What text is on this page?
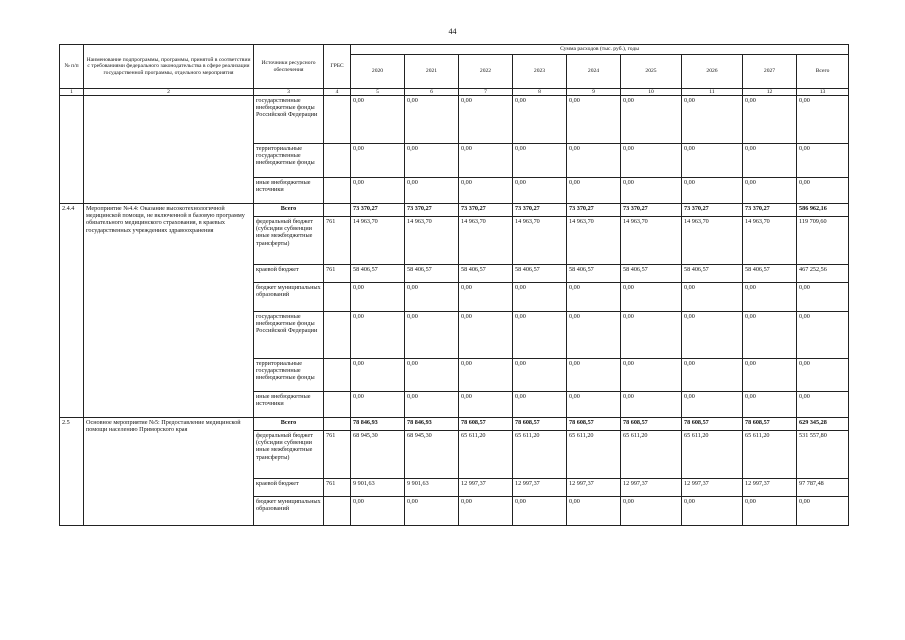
44
№ п/п	Наименование подпрограммы, программы, принятой в соответствии с требованиями федерального законодательства в сфере реализации государственной программы, отдельного мероприятия	Источники ресурсного обеспечения	ГРБС	Сумма расходов (тыс. руб.), годы								
				2020	2021	2022	2023	2024	2025	2026	2027	Всего
1	2	3	4	5	6	7	8	9	10	11	12	13
		государственные внебюджетные фонды Российской Федерации		0,00	0,00	0,00	0,00	0,00	0,00	0,00	0,00	0,00
		территориальные государственные внебюджетные фонды		0,00	0,00	0,00	0,00	0,00	0,00	0,00	0,00	0,00
		иные внебюджетные источники		0,00	0,00	0,00	0,00	0,00	0,00	0,00	0,00	0,00
2.4.4	Мероприятие №4.4: Оказание высокотехнологичной медицинской помощи, не включенной в базовую программу обязательного медицинского страхования, в краевых государственных учреждениях здравоохранения	Всего		73 370,27	73 370,27	73 370,27	73 370,27	73 370,27	73 370,27	73 370,27	73 370,27	586 962,16
		федеральный бюджет (субсидии субвенции иные межбюджетные трансферты)	761	14 963,70	14 963,70	14 963,70	14 963,70	14 963,70	14 963,70	14 963,70	14 963,70	119 709,60
		краевой бюджет	761	58 406,57	58 406,57	58 406,57	58 406,57	58 406,57	58 406,57	58 406,57	58 406,57	467 252,56
		бюджет муниципальных образований		0,00	0,00	0,00	0,00	0,00	0,00	0,00	0,00	0,00
		государственные внебюджетные фонды Российской Федерации		0,00	0,00	0,00	0,00	0,00	0,00	0,00	0,00	0,00
		территориальные государственные внебюджетные фонды		0,00	0,00	0,00	0,00	0,00	0,00	0,00	0,00	0,00
		иные внебюджетные источники		0,00	0,00	0,00	0,00	0,00	0,00	0,00	0,00	0,00
2.5	Основное мероприятие №5: Предоставление медицинской помощи населению Приморского края	Всего		78 846,93	78 846,93	78 608,57	78 608,57	78 608,57	78 608,57	78 608,57	78 608,57	629 345,28
		федеральный бюджет (субсидии субвенции иные межбюджетные трансферты)	761	68 945,30	68 945,30	65 611,20	65 611,20	65 611,20	65 611,20	65 611,20	65 611,20	531 557,80
		краевой бюджет	761	9 901,63	9 901,63	12 997,37	12 997,37	12 997,37	12 997,37	12 997,37	12 997,37	97 787,48
		бюджет муниципальных образований		0,00	0,00	0,00	0,00	0,00	0,00	0,00	0,00	0,00
